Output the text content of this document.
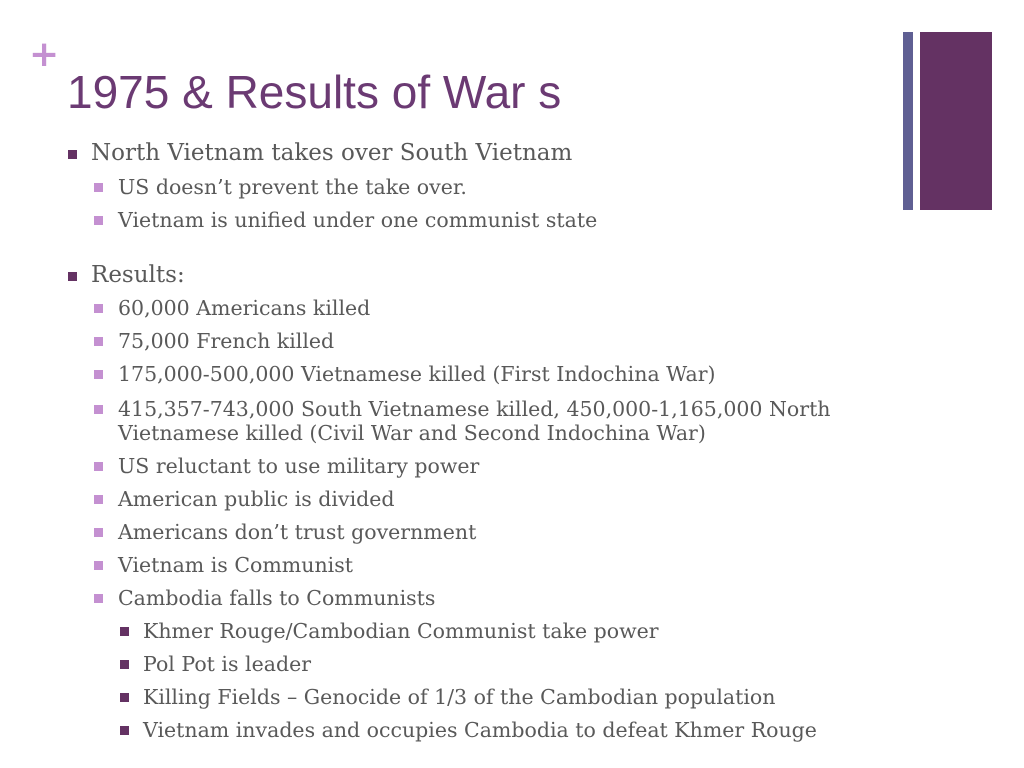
+
1975 & Results of War s
North Vietnam takes over South Vietnam
US doesn’t prevent the take over.
Vietnam is unified under one communist state
Results:
60,000 Americans killed
75,000 French killed
175,000-500,000 Vietnamese killed (First Indochina War)
415,357-743,000 South Vietnamese killed, 450,000-1,165,000 North
Vietnamese killed (Civil War and Second Indochina War)
US reluctant to use military power
American public is divided
Americans don’t trust government
Vietnam is Communist
Cambodia falls to Communists
Khmer Rouge/Cambodian Communist take power
Pol Pot is leader
Killing Fields – Genocide of 1/3 of the Cambodian population
Vietnam invades and occupies Cambodia to defeat Khmer Rouge
